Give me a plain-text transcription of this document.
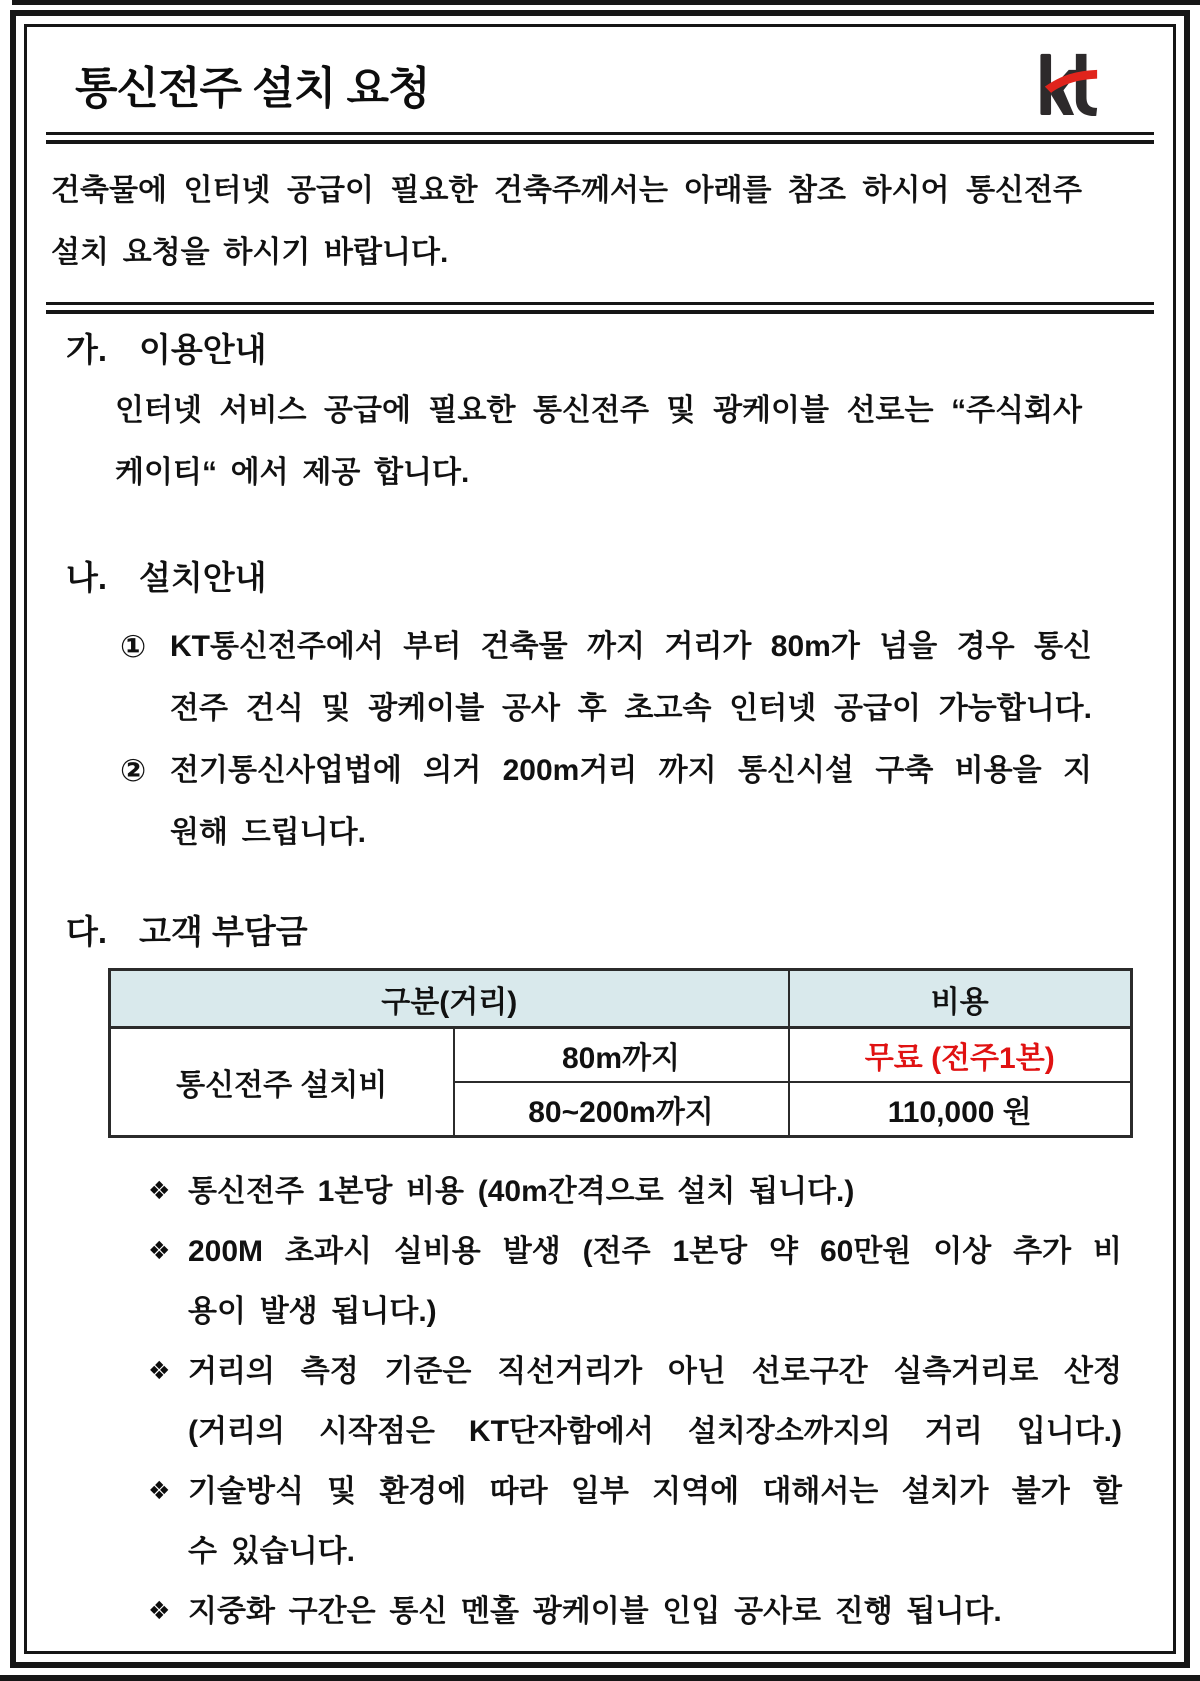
통신전주 설치 요청
건축물에 인터넷 공급이 필요한 건축주께서는 아래를 참조 하시어 통신전주
설치 요청을 하시기 바랍니다.
가. 이용안내
인터넷 서비스 공급에 필요한 통신전주 및 광케이블 선로는 “주식회사
케이티“ 에서 제공 합니다.
나. 설치안내
① KT통신전주에서 부터 건축물 까지 거리가 80m가 넘을 경우 통신
전주 건식 및 광케이블 공사 후 초고속 인터넷 공급이 가능합니다.
② 전기통신사업법에 의거 200m거리 까지 통신시설 구축 비용을 지
원해 드립니다.
다. 고객 부담금
구분(거리)		비용
통신전주 설치비	80m까지	무료 (전주1본)
	80~200m까지	110,000 원
❖ 통신전주 1본당 비용 (40m간격으로 설치 됩니다.)
❖ 200M 초과시 실비용 발생 (전주 1본당 약 60만원 이상 추가 비
용이 발생 됩니다.)
❖ 거리의 측정 기준은 직선거리가 아닌 선로구간 실측거리로 산정
(거리의 시작점은 KT단자함에서 설치장소까지의 거리 입니다.)
❖ 기술방식 및 환경에 따라 일부 지역에 대해서는 설치가 불가 할
수 있습니다.
❖ 지중화 구간은 통신 멘홀 광케이블 인입 공사로 진행 됩니다.
